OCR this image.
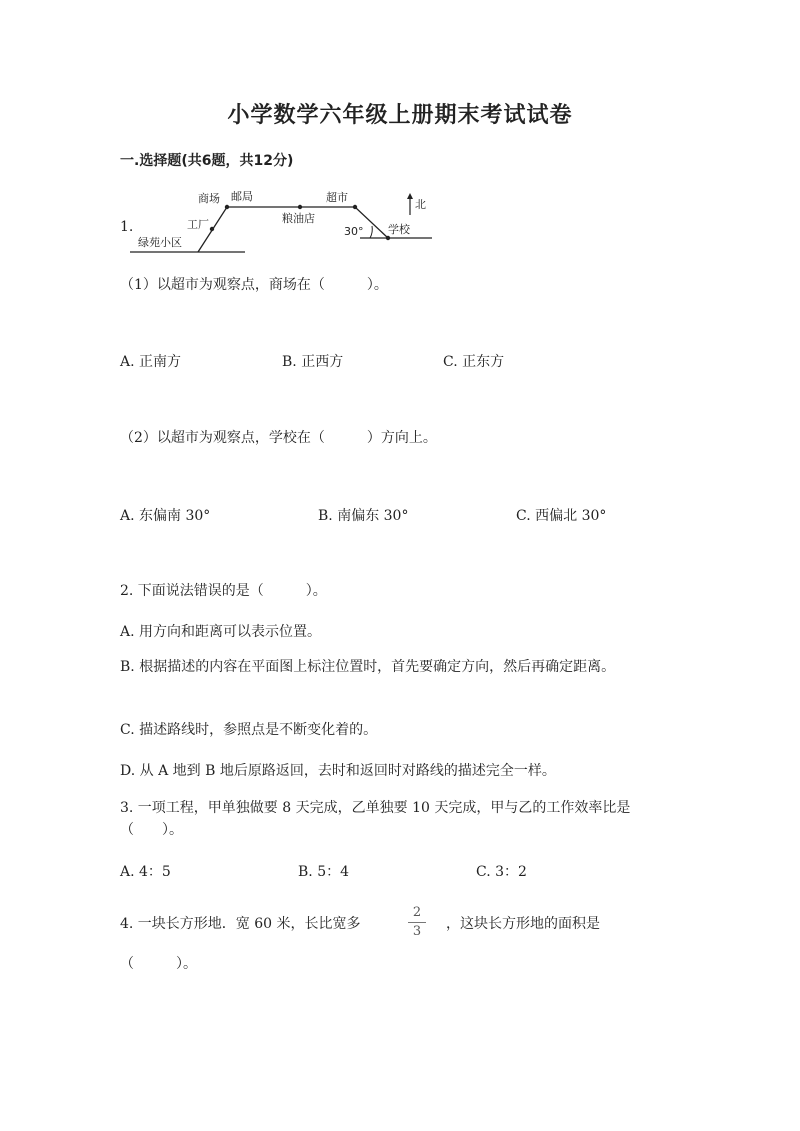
小学数学六年级上册期末考试试卷
一.选择题(共6题，共12分)
1.
商场 邮局	超市
工厂	粮油店
北
学校
30°
绿苑小区
（1）以超市为观察点，商场在（　　　）。
A. 正南方	B. 正西方	C. 正东方
（2）以超市为观察点，学校在（　　　）方向上。
A. 东偏南 30°	B. 南偏东 30°	C. 西偏北 30°
2. 下面说法错误的是（　　　）。
A. 用方向和距离可以表示位置。
B. 根据描述的内容在平面图上标注位置时，首先要确定方向，然后再确定距离。
C. 描述路线时，参照点是不断变化着的。
D. 从 A 地到 B 地后原路返回，去时和返回时对路线的描述完全一样。
3. 一项工程，甲单独做要 8 天完成，乙单独要 10 天完成，甲与乙的工作效率比是（　　）。
A. 4：5	B. 5：4	C. 3：2
4. 一块长方形地．宽 60 米，长比宽多
2
3	，这块长方形地的面积是
（　　　）。
